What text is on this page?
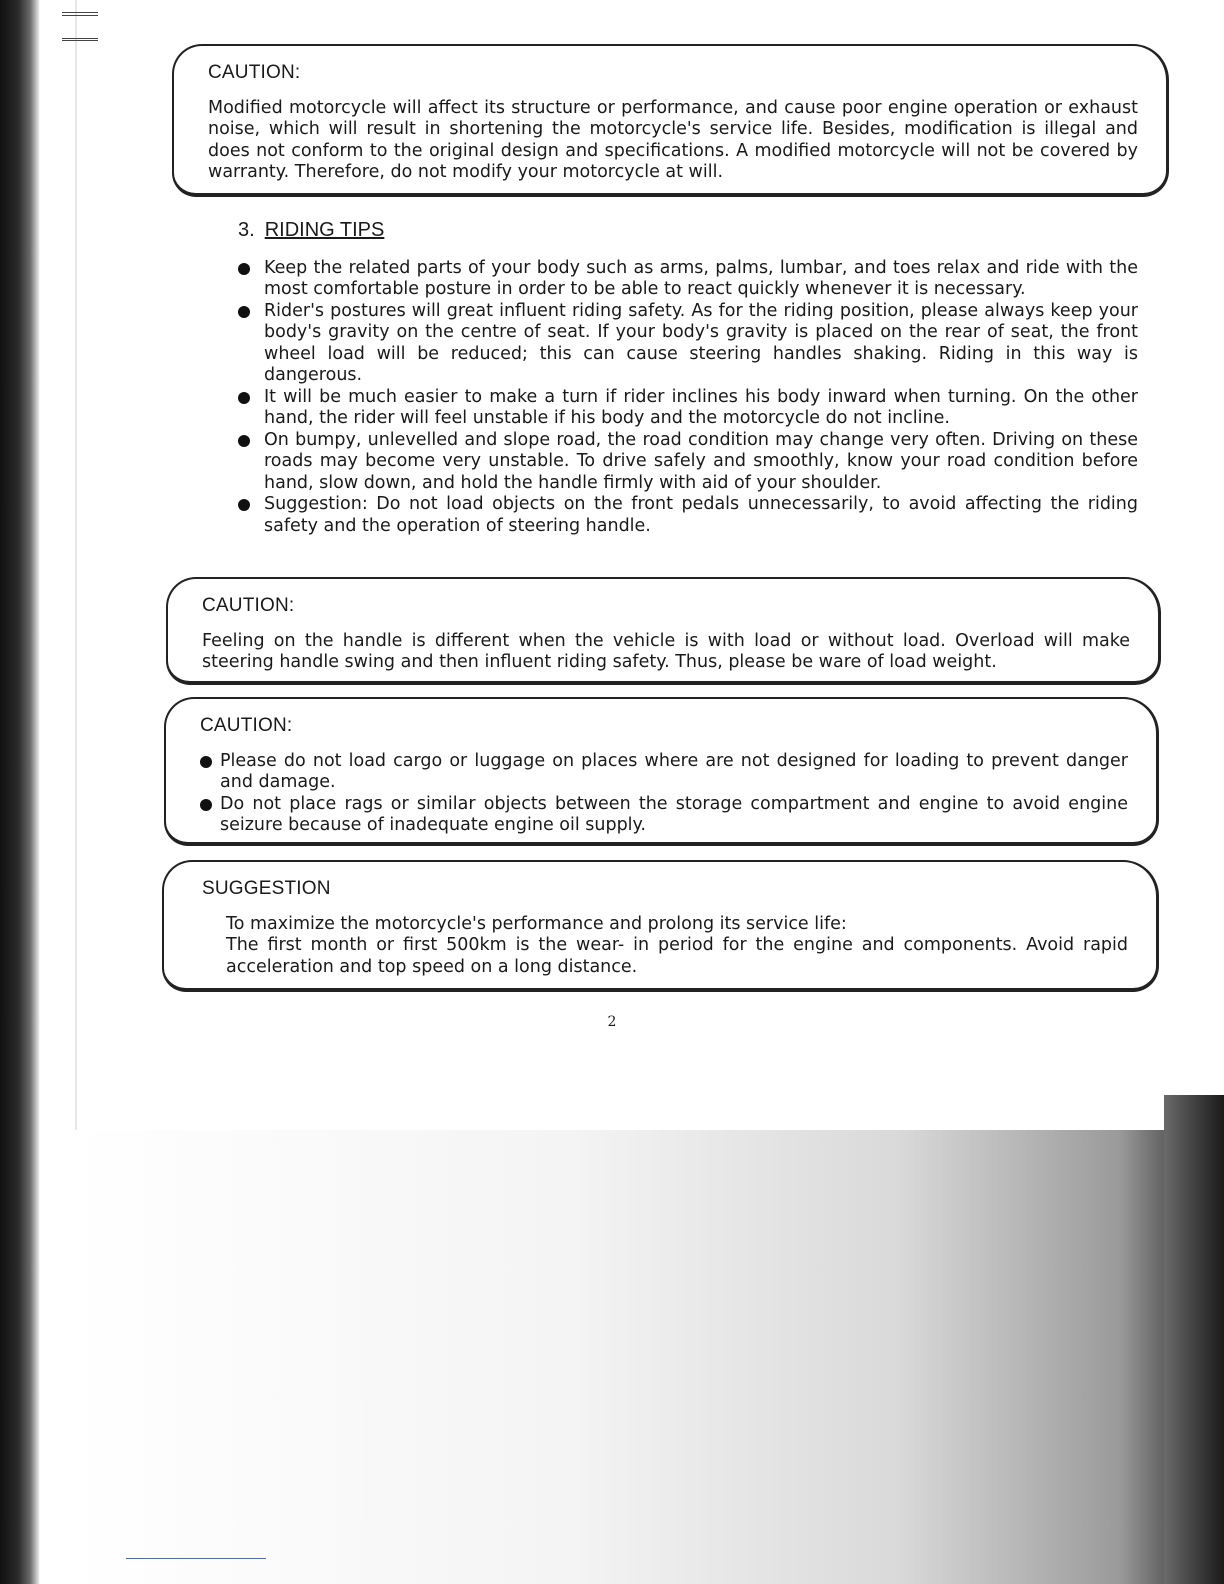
CAUTION:

Modified motorcycle will affect its structure or performance, and cause poor engine operation or exhaust noise, which will result in shortening the motorcycle's service life. Besides, modification is illegal and does not conform to the original design and specifications. A modified motorcycle will not be covered by warranty. Therefore, do not modify your motorcycle at will.

3. RIDING TIPS
Keep the related parts of your body such as arms, palms, lumbar, and toes relax and ride with the most comfortable posture in order to be able to react quickly whenever it is necessary.
Rider's postures will great influent riding safety. As for the riding position, please always keep your body's gravity on the centre of seat. If your body's gravity is placed on the rear of seat, the front wheel load will be reduced; this can cause steering handles shaking. Riding in this way is dangerous.
It will be much easier to make a turn if rider inclines his body inward when turning. On the other hand, the rider will feel unstable if his body and the motorcycle do not incline.
On bumpy, unlevelled and slope road, the road condition may change very often. Driving on these roads may become very unstable. To drive safely and smoothly, know your road condition before hand, slow down, and hold the handle firmly with aid of your shoulder.
Suggestion: Do not load objects on the front pedals unnecessarily, to avoid affecting the riding safety and the operation of steering handle.
CAUTION:

Feeling on the handle is different when the vehicle is with load or without load. Overload will make steering handle swing and then influent riding safety. Thus, please be ware of load weight.

CAUTION:
Please do not load cargo or luggage on places where are not designed for loading to prevent danger and damage.
Do not place rags or similar objects between the storage compartment and engine to avoid engine seizure because of inadequate engine oil supply.
SUGGESTION

To maximize the motorcycle's performance and prolong its service life:

The first month or first 500km is the wear- in period for the engine and components. Avoid rapid acceleration and top speed on a long distance.

2
